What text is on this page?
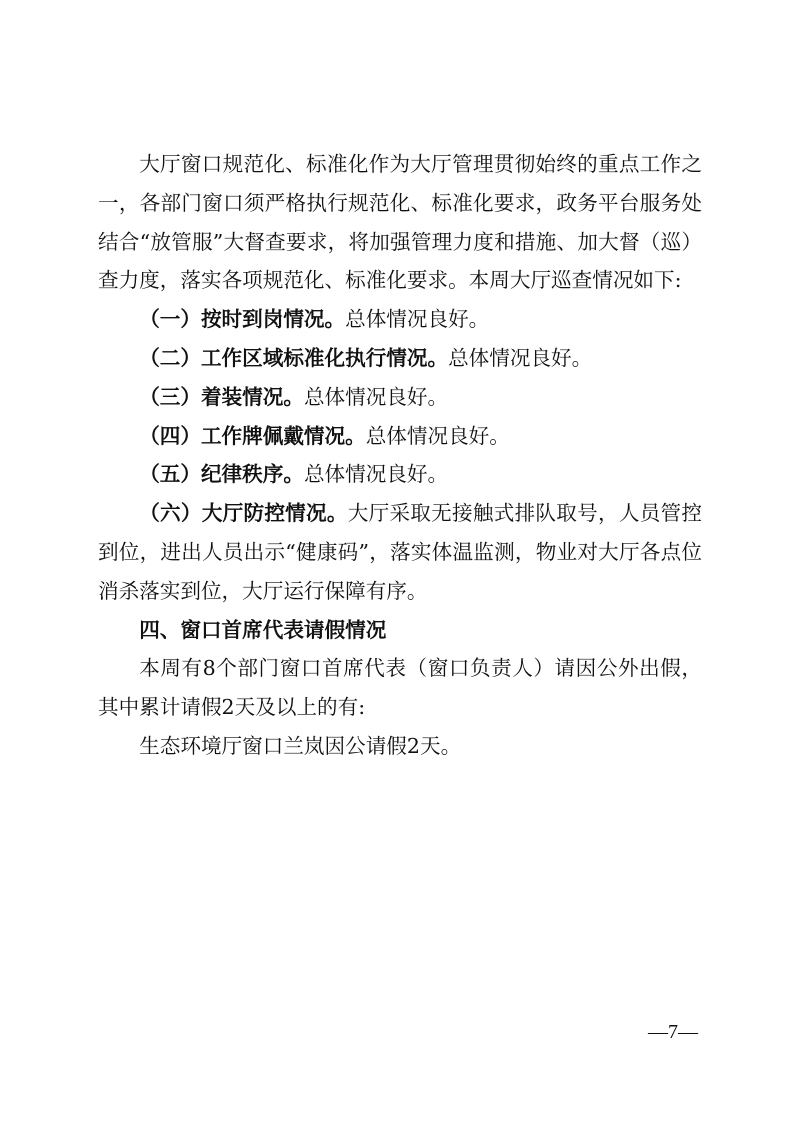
大厅窗口规范化、标准化作为大厅管理贯彻始终的重点工作之一，各部门窗口须严格执行规范化、标准化要求，政务平台服务处结合“放管服”大督查要求，将加强管理力度和措施、加大督（巡）查力度，落实各项规范化、标准化要求。本周大厅巡查情况如下:

（一）按时到岗情况。总体情况良好。

（二）工作区域标准化执行情况。总体情况良好。

（三）着装情况。总体情况良好。

（四）工作牌佩戴情况。总体情况良好。

（五）纪律秩序。总体情况良好。

（六）大厅防控情况。大厅采取无接触式排队取号，人员管控到位，进出人员出示“健康码”，落实体温监测，物业对大厅各点位消杀落实到位，大厅运行保障有序。

四、窗口首席代表请假情况

本周有8个部门窗口首席代表（窗口负责人）请因公外出假，其中累计请假2天及以上的有:

生态环境厅窗口兰岚因公请假2天。

—7—
